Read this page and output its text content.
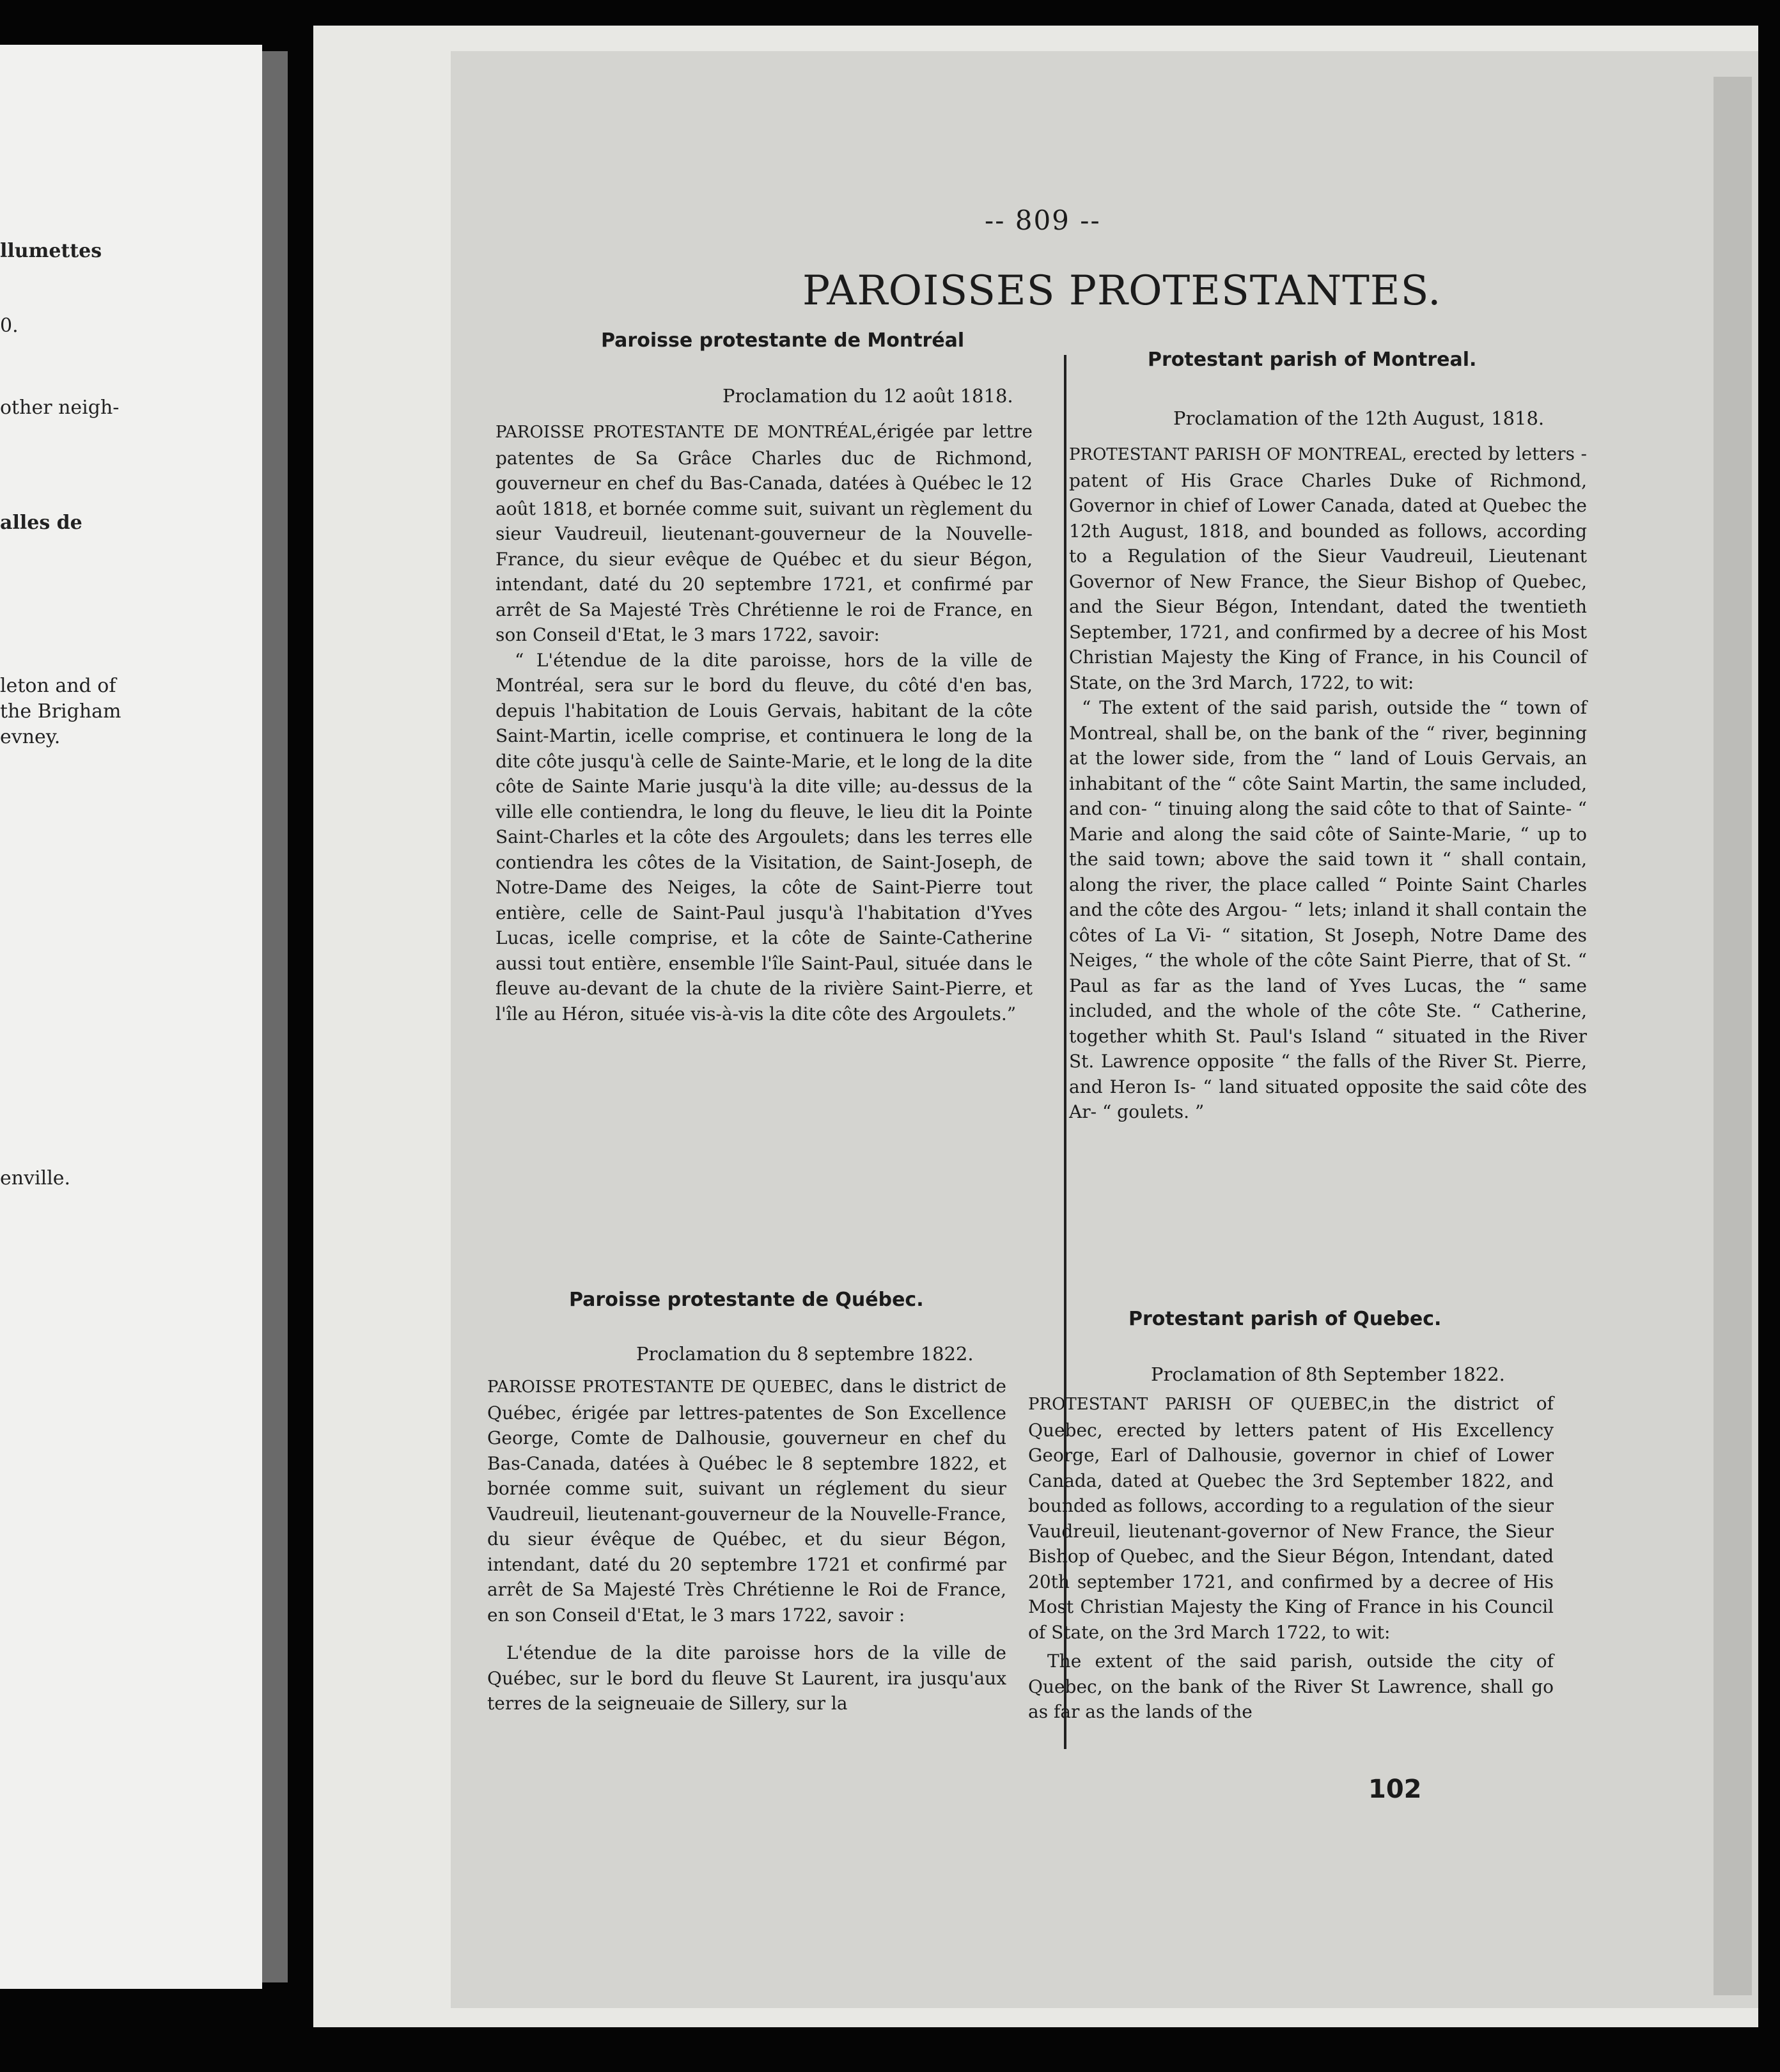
llumettes
0.
other neigh-
alles de
leton and of
the Brigham
evney.
enville.
-- 809 --
PAROISSES PROTESTANTES.
Paroisse protestante de Montréal
Proclamation du 12 août 1818.

PAROISSE PROTESTANTE DE MONTRÉAL,érigée par lettre patentes de Sa Grâce Charles duc de Richmond, gouverneur en chef du Bas-Canada, datées à Québec le 12 août 1818, et bornée comme suit, suivant un règlement du sieur Vaudreuil, lieutenant-gouverneur de la Nouvelle-France, du sieur evêque de Québec et du sieur Bégon, intendant, daté du 20 septembre 1721, et confirmé par arrêt de Sa Majesté Très Chrétienne le roi de France, en son Conseil d'Etat, le 3 mars 1722, savoir:

“ L'étendue de la dite paroisse, hors de la ville de Montréal, sera sur le bord du fleuve, du côté d'en bas, depuis l'habitation de Louis Gervais, habitant de la côte Saint-Martin, icelle comprise, et continuera le long de la dite côte jusqu'à celle de Sainte-Marie, et le long de la dite côte de Sainte Marie jusqu'à la dite ville; au-dessus de la ville elle contiendra, le long du fleuve, le lieu dit la Pointe Saint-Charles et la côte des Argoulets; dans les terres elle contiendra les côtes de la Visitation, de Saint-Joseph, de Notre-Dame des Neiges, la côte de Saint-Pierre tout entière, celle de Saint-Paul jusqu'à l'habitation d'Yves Lucas, icelle comprise, et la côte de Sainte-Catherine aussi tout entière, ensemble l'île Saint-Paul, située dans le fleuve au-devant de la chute de la rivière Saint-Pierre, et l'île au Héron, située vis-à-vis la dite côte des Argoulets.”

Protestant parish of Montreal.
Proclamation of the 12th August, 1818.

PROTESTANT PARISH OF MONTREAL, erected by letters - patent of His Grace Charles Duke of Richmond, Governor in chief of Lower Canada, dated at Quebec the 12th August, 1818, and bounded as follows, according to a Regulation of the Sieur Vaudreuil, Lieutenant Governor of New France, the Sieur Bishop of Quebec, and the Sieur Bégon, Intendant, dated the twentieth September, 1721, and confirmed by a decree of his Most Christian Majesty the King of France, in his Council of State, on the 3rd March, 1722, to wit:

“ The extent of the said parish, outside the “ town of Montreal, shall be, on the bank of the “ river, beginning at the lower side, from the “ land of Louis Gervais, an inhabitant of the “ côte Saint Martin, the same included, and con- “ tinuing along the said côte to that of Sainte- “ Marie and along the said côte of Sainte-Marie, “ up to the said town; above the said town it “ shall contain, along the river, the place called “ Pointe Saint Charles and the côte des Argou- “ lets; inland it shall contain the côtes of La Vi- “ sitation, St Joseph, Notre Dame des Neiges, “ the whole of the côte Saint Pierre, that of St. “ Paul as far as the land of Yves Lucas, the “ same included, and the whole of the côte Ste. “ Catherine, together whith St. Paul's Island “ situated in the River St. Lawrence opposite “ the falls of the River St. Pierre, and Heron Is- “ land situated opposite the said côte des Ar- “ goulets. ”

Paroisse protestante de Québec.
Proclamation du 8 septembre 1822.

PAROISSE PROTESTANTE DE QUEBEC, dans le district de Québec, érigée par lettres-patentes de Son Excellence George, Comte de Dalhousie, gouverneur en chef du Bas-Canada, datées à Québec le 8 septembre 1822, et bornée comme suit, suivant un réglement du sieur Vaudreuil, lieutenant-gouverneur de la Nouvelle-France, du sieur évêque de Québec, et du sieur Bégon, intendant, daté du 20 septembre 1721 et confirmé par arrêt de Sa Majesté Très Chrétienne le Roi de France, en son Conseil d'Etat, le 3 mars 1722, savoir :

L'étendue de la dite paroisse hors de la ville de Québec, sur le bord du fleuve St Laurent, ira jusqu'aux terres de la seigneuaie de Sillery, sur la

Protestant parish of Quebec.
Proclamation of 8th September 1822.

PROTESTANT PARISH OF QUEBEC,in the district of Quebec, erected by letters patent of His Excellency George, Earl of Dalhousie, governor in chief of Lower Canada, dated at Quebec the 3rd September 1822, and bounded as follows, according to a regulation of the sieur Vaudreuil, lieutenant-governor of New France, the Sieur Bishop of Quebec, and the Sieur Bégon, Intendant, dated 20th september 1721, and confirmed by a decree of His Most Christian Majesty the King of France in his Council of State, on the 3rd March 1722, to wit:

The extent of the said parish, outside the city of Quebec, on the bank of the River St Lawrence, shall go as far as the lands of the

102
